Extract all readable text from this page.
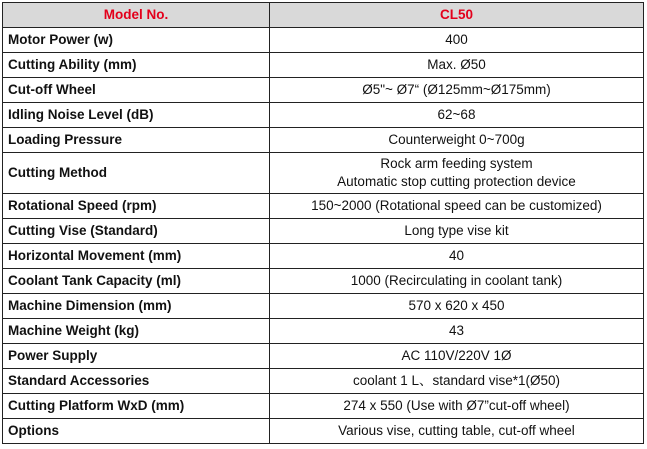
Model No.	CL50
Motor Power (w)	400
Cutting Ability (mm)	Max. Ø50
Cut-off Wheel	Ø5"~ Ø7“ (Ø125mm~Ø175mm)
Idling Noise Level (dB)	62~68
Loading Pressure	Counterweight 0~700g
Cutting Method	Rock arm feeding system
Automatic stop cutting protection device

Rotational Speed (rpm)	150~2000 (Rotational speed can be customized)
Cutting Vise (Standard)	Long type vise kit
Horizontal Movement (mm)	40
Coolant Tank Capacity (ml)	1000 (Recirculating in coolant tank)
Machine Dimension (mm)	570 x 620 x 450
Machine Weight (kg)	43
Power Supply	AC 110V/220V 1Ø
Standard Accessories	coolant 1 L、standard vise*1(Ø50)
Cutting Platform WxD (mm)	274 x 550 (Use with Ø7”cut-off wheel)
Options	Various vise, cutting table, cut-off wheel
